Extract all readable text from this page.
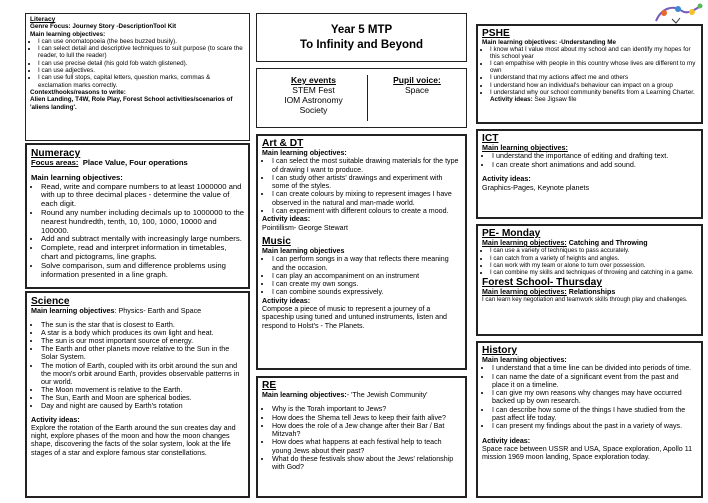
Literacy
Genre Focus: Journey Story -DescriptionTool Kit
Main learning objectives:
• I can use onomatopoeia (the bees buzzed busily).
• I can select detail and descriptive techniques to suit purpose (to scare the reader, to lull the reader)
• I can use precise detail (his gold fob watch glistened).
• I can use adjectives.
• I can use full stops, capital letters, question marks, commas & exclamation marks correctly.
Context/hooks/reasons to write:
Alien Landing, T4W, Role Play, Forest School activities/scenarios of 'aliens landing'.
Numeracy
Focus areas: Place Value, Four operations
Main learning objectives:
• Read, write and compare numbers to at least 1000000 and with up to three decimal places - determine the value of each digit.
• Round any number including decimals up to 1000000 to the nearest hundredth, tenth, 10, 100, 1000, 10000 and 100000.
• Add and subtract mentally with increasingly large numbers.
• Complete, read and interpret information in timetables, chart and pictograms, line graphs.
• Solve comparison, sum and difference problems using information presented in a line graph.
Science
Main learning objectives: Physics- Earth and Space
• The sun is the star that is closest to Earth.
• A star is a body which produces its own light and heat.
• The sun is our most important source of energy.
• The Earth and other planets move relative to the Sun in the Solar System.
• The motion of Earth, coupled with its orbit around the sun and the moon's orbit around Earth, provides observable patterns in our world.
• The Moon movement is relative to the Earth.
• The Sun, Earth and Moon are spherical bodies.
• Day and night are caused by Earth's rotation
Activity ideas:

Explore the rotation of the Earth around the sun creates day and night, explore phases of the moon and how the moon changes shape, discovering the facts of the solar system, look at the life stages of a star and explore famous star constellations.

Year 5 MTP
To Infinity and Beyond
Key events
STEM Fest
IOM Astronomy
Society
Pupil voice:
Space
Art & DT
Main learning objectives:
• I can select the most suitable drawing materials for the type of drawing I want to produce.
• I can study other artists' drawings and experiment with some of the styles.
• I can create colours by mixing to represent images I have observed in the natural and man-made world.
• I can experiment with different colours to create a mood.
Activity ideas:

Pointillism- George Stewart

Music
Main learning objectives
• I can perform songs in a way that reflects there meaning and the occasion.
• I can play an accompaniment on an instrument
• I can create my own songs.
• I can combine sounds expressively.
Activity ideas:

Compose a piece of music to represent a journey of a spaceship using tuned and untuned instruments, listen and respond to Holst's - The Planets.

RE
Main learning objectives:- 'The Jewish Community'
• Why is the Torah important to Jews?
• How does the Shema tell Jews to keep their faith alive?
• How does the role of a Jew change after their Bar / Bat Mitzvah?
• How does what happens at each festival help to teach young Jews about their past?
• What do these festivals show about the Jews' relationship with God?
PSHE
Main learning objectives: -Understanding Me
• I know what I value most about my school and can identify my hopes for this school year
• I can empathise with people in this country whose lives are different to my own
• I understand that my actions affect me and others
• I understand how an individual's behaviour can impact on a group
• I understand why our school community benefits from a Learning Charter. Activity ideas: See Jigsaw file
ICT
Main learning objectives:
• I understand the importance of editing and drafting text.
• I can create short animations and add sound.
Activity ideas:

Graphics-Pages, Keynote planets

PE- Monday
Main learning objectives: Catching and Throwing
• I can use a variety of techniques to pass accurately.
• I can catch from a variety of heights and angles.
• I can work with my team or alone to turn over possession.
• I can combine my skills and techniques of throwing and catching in a game.
Forest School- Thursday
Main learning objectives: Relationships

I can learn key negotiation and teamwork skills through play and challenges.

History
Main learning objectives:
• I understand that a time line can be divided into periods of time.
• I can name the date of a significant event from the past and place it on a timeline.
• I can give my own reasons why changes may have occurred backed up by own research.
• I can describe how some of the things I have studied from the past affect life today.
• I can present my findings about the past in a variety of ways.
Activity ideas:

Space race between USSR and USA, Space exploration, Apollo 11 mission 1969 moon landing, Space exploration today.
